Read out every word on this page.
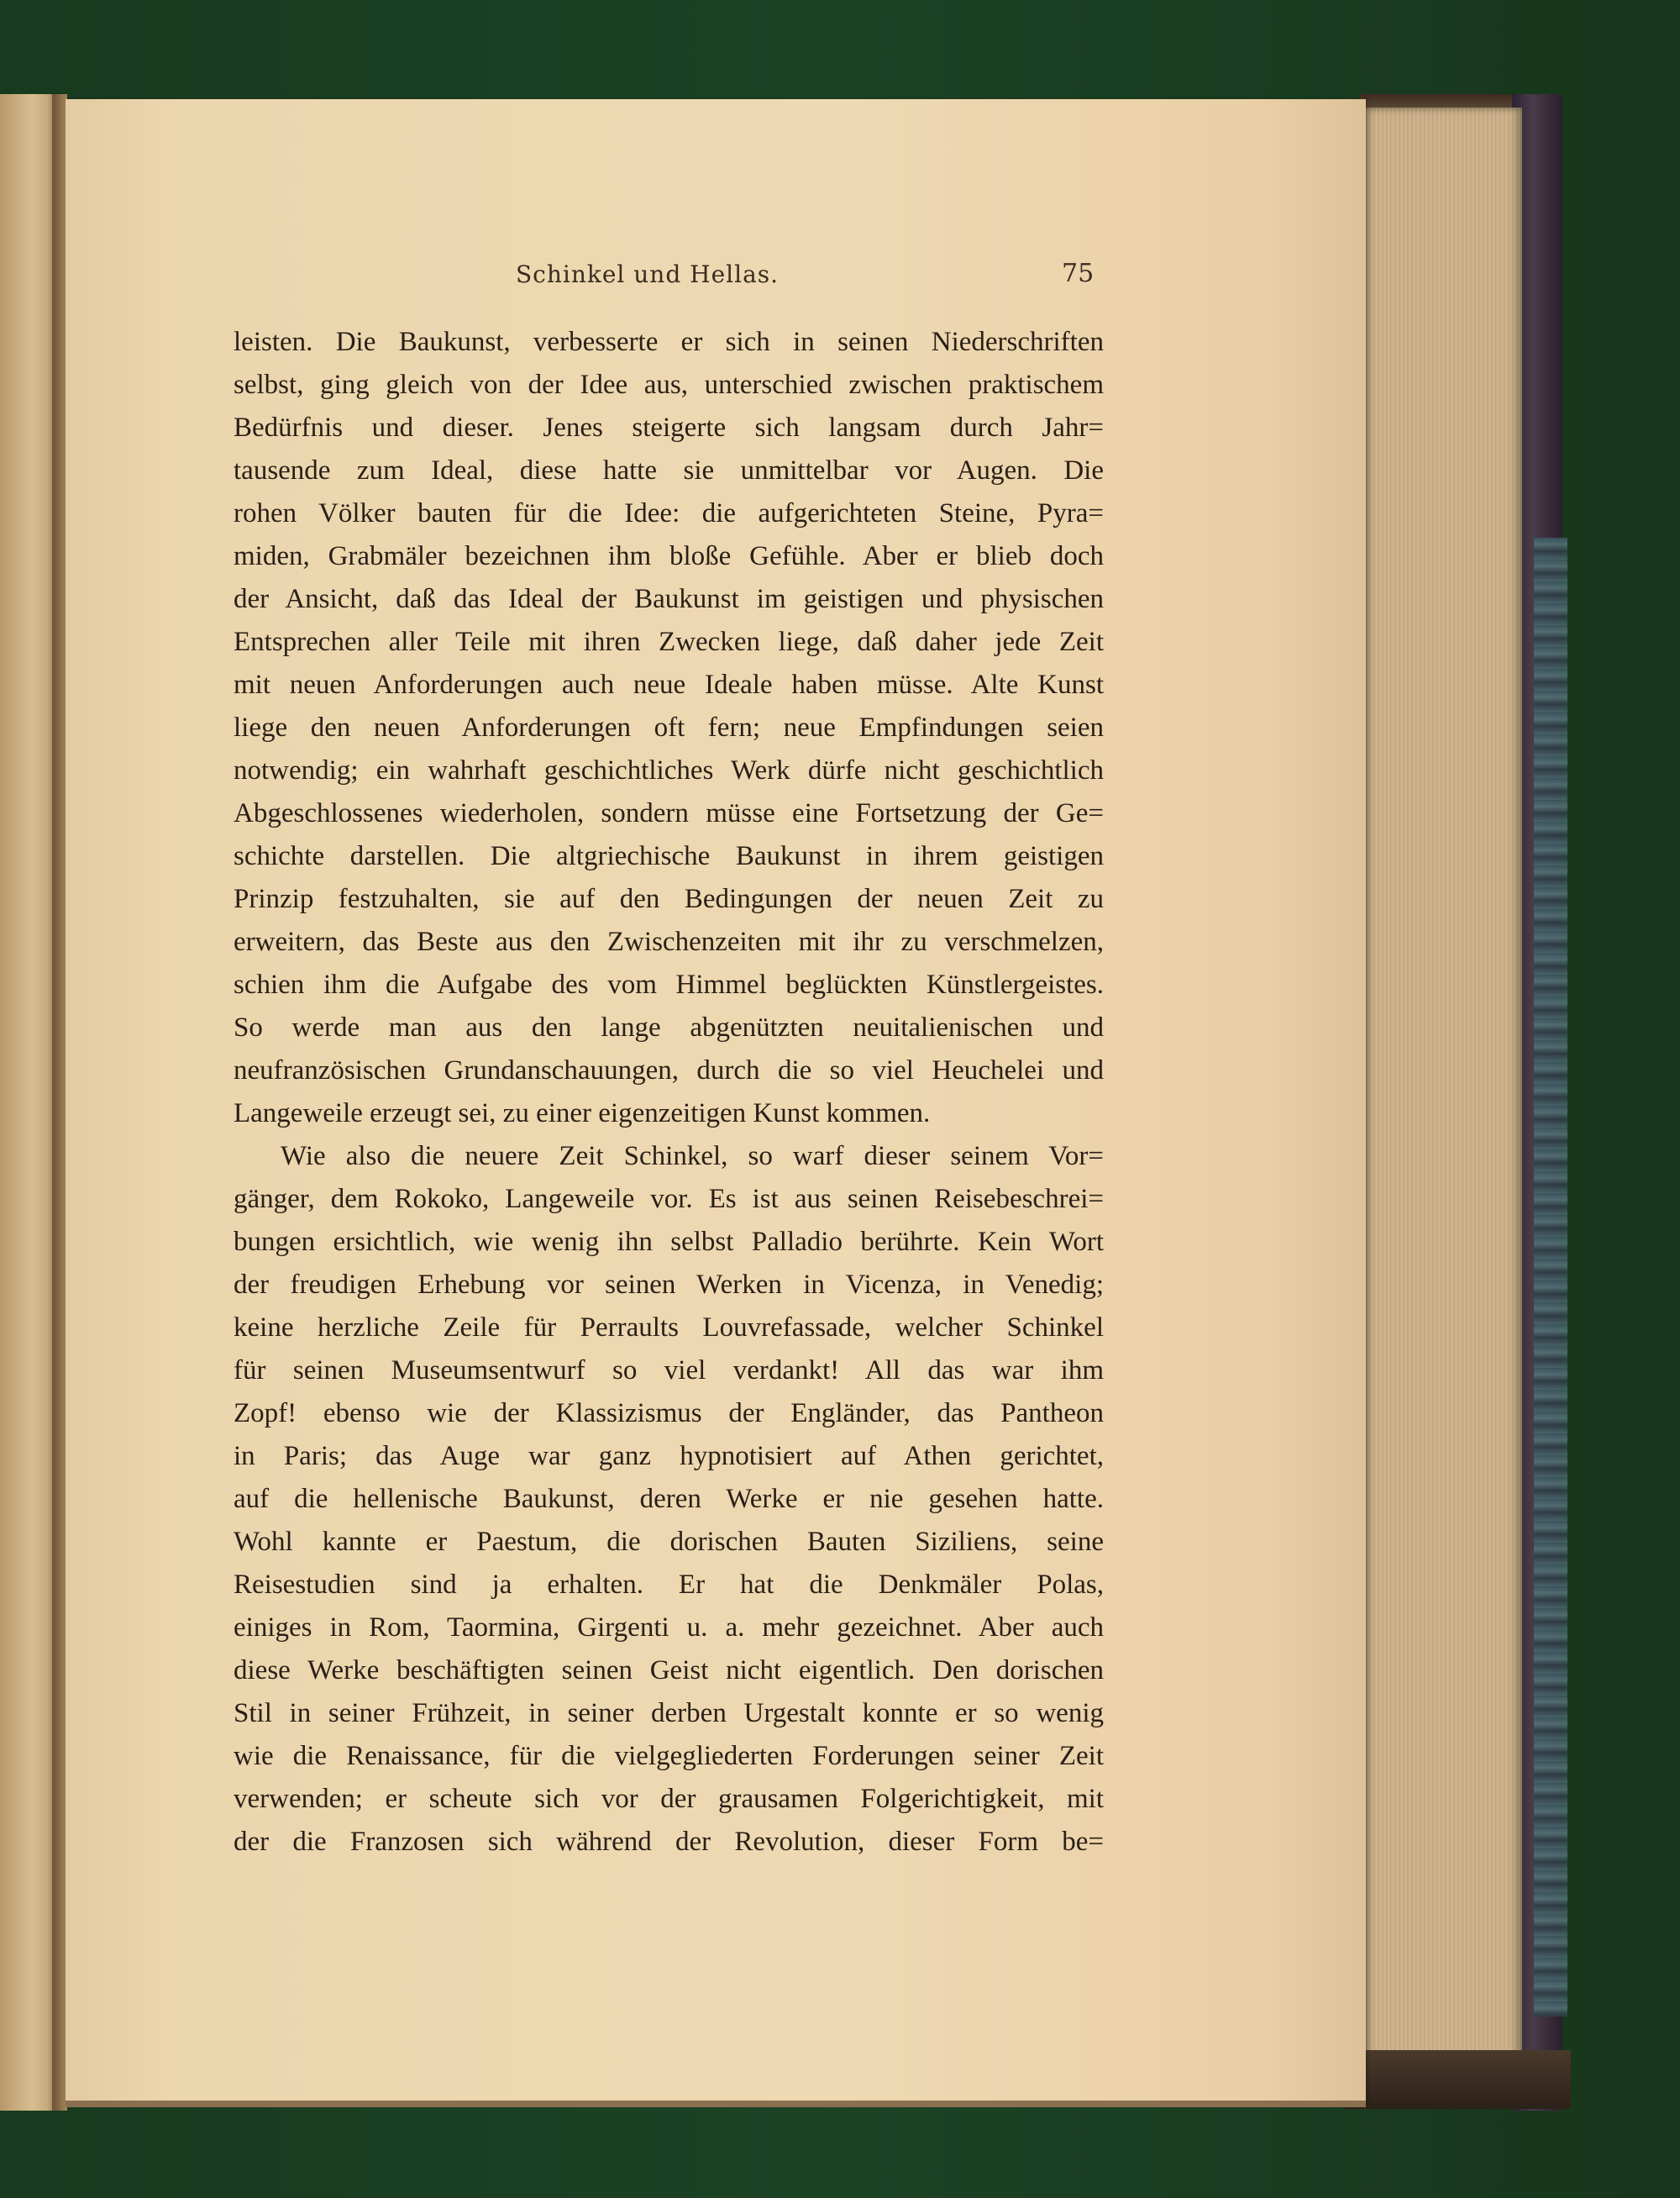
Schinkel und Hellas.	75
leisten. Die Baukunst, verbesserte er sich in seinen Niederschriften
selbst, ging gleich von der Idee aus, unterschied zwischen praktischem
Bedürfnis und dieser. Jenes steigerte sich langsam durch Jahr=
tausende zum Ideal, diese hatte sie unmittelbar vor Augen. Die
rohen Völker bauten für die Idee: die aufgerichteten Steine, Pyra=
miden, Grabmäler bezeichnen ihm bloße Gefühle. Aber er blieb doch
der Ansicht, daß das Ideal der Baukunst im geistigen und physischen
Entsprechen aller Teile mit ihren Zwecken liege, daß daher jede Zeit
mit neuen Anforderungen auch neue Ideale haben müsse. Alte Kunst
liege den neuen Anforderungen oft fern; neue Empfindungen seien
notwendig; ein wahrhaft geschichtliches Werk dürfe nicht geschichtlich
Abgeschlossenes wiederholen, sondern müsse eine Fortsetzung der Ge=
schichte darstellen. Die altgriechische Baukunst in ihrem geistigen
Prinzip festzuhalten, sie auf den Bedingungen der neuen Zeit zu
erweitern, das Beste aus den Zwischenzeiten mit ihr zu verschmelzen,
schien ihm die Aufgabe des vom Himmel beglückten Künstlergeistes.
So werde man aus den lange abgenützten neuitalienischen und
neufranzösischen Grundanschauungen, durch die so viel Heuchelei und
Langeweile erzeugt sei, zu einer eigenzeitigen Kunst kommen.
Wie also die neuere Zeit Schinkel, so warf dieser seinem Vor=
gänger, dem Rokoko, Langeweile vor. Es ist aus seinen Reisebeschrei=
bungen ersichtlich, wie wenig ihn selbst Palladio berührte. Kein Wort
der freudigen Erhebung vor seinen Werken in Vicenza, in Venedig;
keine herzliche Zeile für Perraults Louvrefassade, welcher Schinkel
für seinen Museumsentwurf so viel verdankt! All das war ihm
Zopf! ebenso wie der Klassizismus der Engländer, das Pantheon
in Paris; das Auge war ganz hypnotisiert auf Athen gerichtet,
auf die hellenische Baukunst, deren Werke er nie gesehen hatte.
Wohl kannte er Paestum, die dorischen Bauten Siziliens, seine
Reisestudien sind ja erhalten. Er hat die Denkmäler Polas,
einiges in Rom, Taormina, Girgenti u. a. mehr gezeichnet. Aber auch
diese Werke beschäftigten seinen Geist nicht eigentlich. Den dorischen
Stil in seiner Frühzeit, in seiner derben Urgestalt konnte er so wenig
wie die Renaissance, für die vielgegliederten Forderungen seiner Zeit
verwenden; er scheute sich vor der grausamen Folgerichtigkeit, mit
der die Franzosen sich während der Revolution, dieser Form be=
